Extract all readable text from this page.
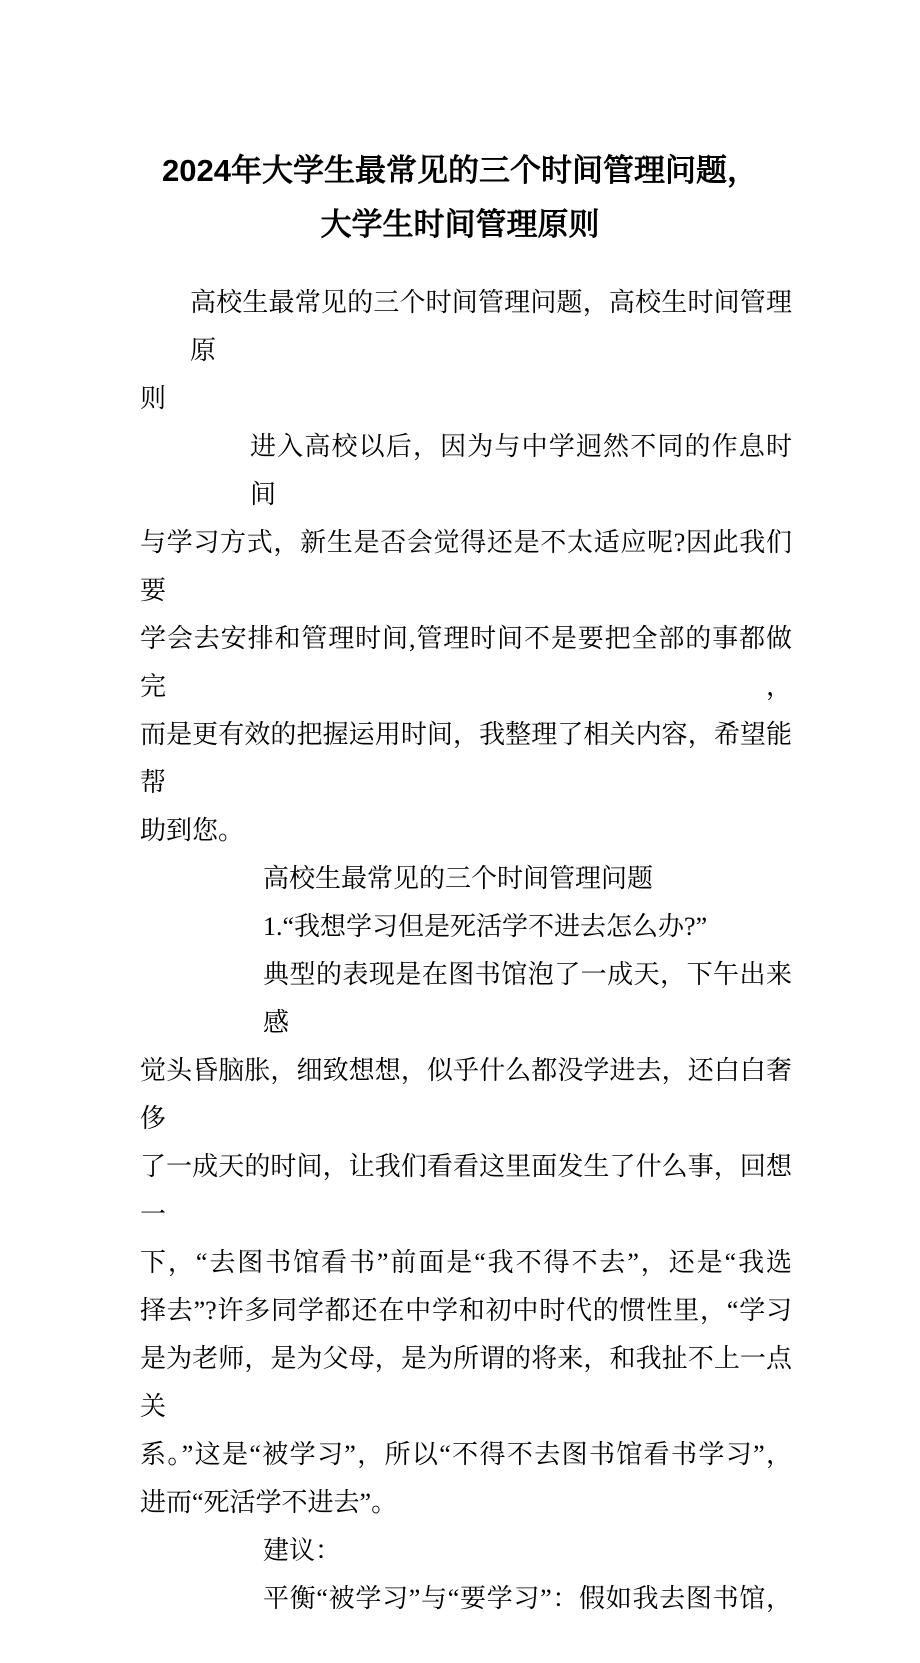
2024年大学生最常见的三个时间管理问题，
大学生时间管理原则
高校生最常见的三个时间管理问题，高校生时间管理原
则
进入高校以后，因为与中学迥然不同的作息时间
与学习方式，新生是否会觉得还是不太适应呢?因此我们要
学会去安排和管理时间,管理时间不是要把全部的事都做完，
而是更有效的把握运用时间，我整理了相关内容，希望能帮
助到您。
高校生最常见的三个时间管理问题
1.“我想学习但是死活学不进去怎么办?”
典型的表现是在图书馆泡了一成天，下午出来感
觉头昏脑胀，细致想想，似乎什么都没学进去，还白白奢侈
了一成天的时间，让我们看看这里面发生了什么事，回想一
下，“去图书馆看书”前面是“我不得不去”，还是“我选
择去”?许多同学都还在中学和初中时代的惯性里，“学习
是为老师，是为父母，是为所谓的将来，和我扯不上一点关
系。”这是“被学习”，所以“不得不去图书馆看书学习”，
进而“死活学不进去”。
建议：
平衡“被学习”与“要学习”：假如我去图书馆，
